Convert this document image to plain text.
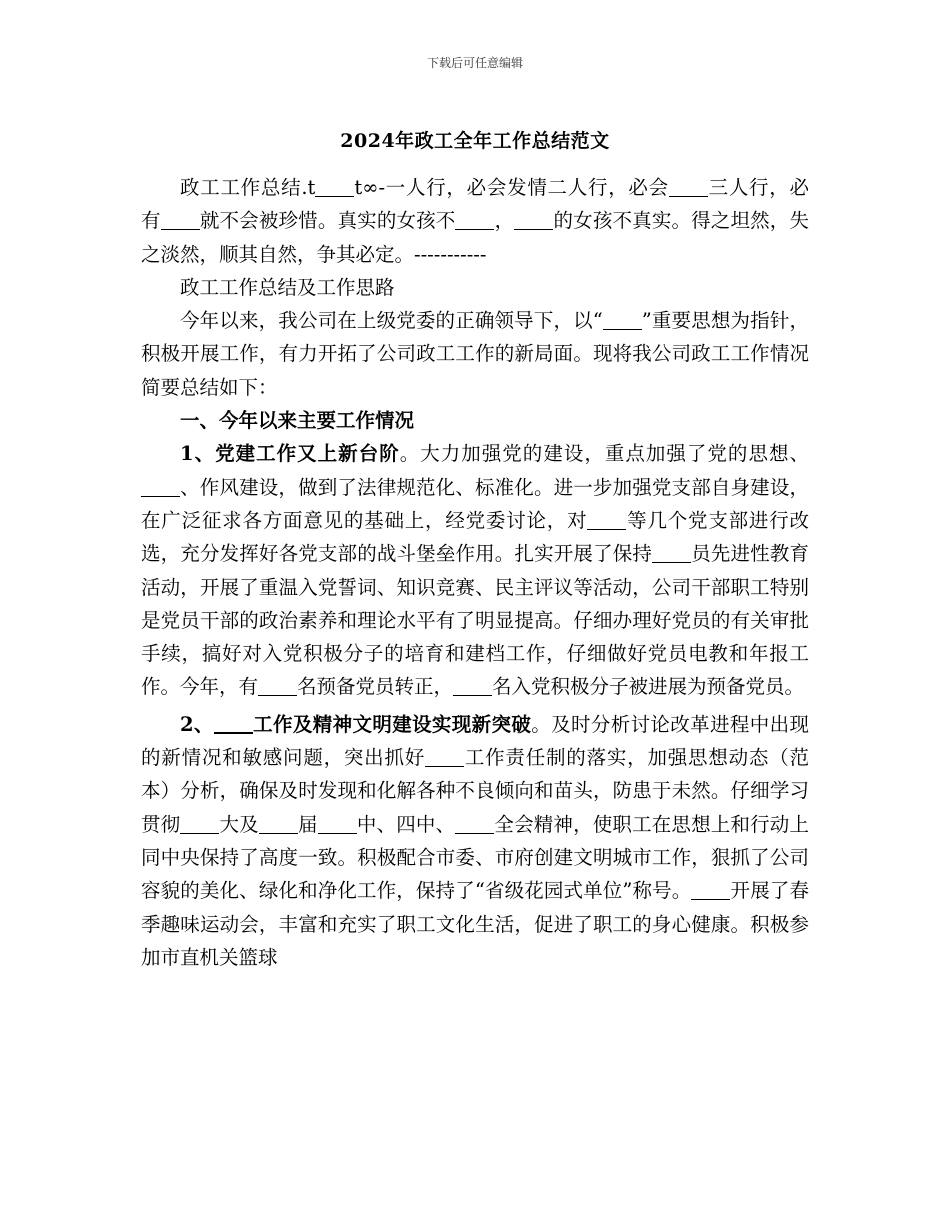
下载后可任意编辑
2024年政工全年工作总结范文

政工工作总结.t t∞-一人行，必会发情二人行，必会 三人行，必有 就不会被珍惜。真实的女孩不 ， 的女孩不真实。得之坦然，失之淡然，顺其自然，争其必定。-----------

政工工作总结及工作思路

今年以来，我公司在上级党委的正确领导下，以“ ”重要思想为指针，积极开展工作，有力开拓了公司政工工作的新局面。现将我公司政工工作情况简要总结如下：

一、今年以来主要工作情况

1、党建工作又上新台阶。大力加强党的建设，重点加强了党的思想、、作风建设，做到了法律规范化、标准化。进一步加强党支部自身建设，在广泛征求各方面意见的基础上，经党委讨论，对 等几个党支部进行改选，充分发挥好各党支部的战斗堡垒作用。扎实开展了保持 员先进性教育活动，开展了重温入党誓词、知识竞赛、民主评议等活动，公司干部职工特别是党员干部的政治素养和理论水平有了明显提高。仔细办理好党员的有关审批手续，搞好对入党积极分子的培育和建档工作，仔细做好党员电教和年报工作。今年，有 名预备党员转正， 名入党积极分子被进展为预备党员。

2、 工作及精神文明建设实现新突破。及时分析讨论改革进程中出现的新情况和敏感问题，突出抓好 工作责任制的落实，加强思想动态（范本）分析，确保及时发现和化解各种不良倾向和苗头，防患于未然。仔细学习贯彻 大及 届 中、四中、 全会精神，使职工在思想上和行动上同中央保持了高度一致。积极配合市委、市府创建文明城市工作，狠抓了公司容貌的美化、绿化和净化工作，保持了“省级花园式单位”称号。 开展了春季趣味运动会，丰富和充实了职工文化生活，促进了职工的身心健康。积极参加市直机关篮球
